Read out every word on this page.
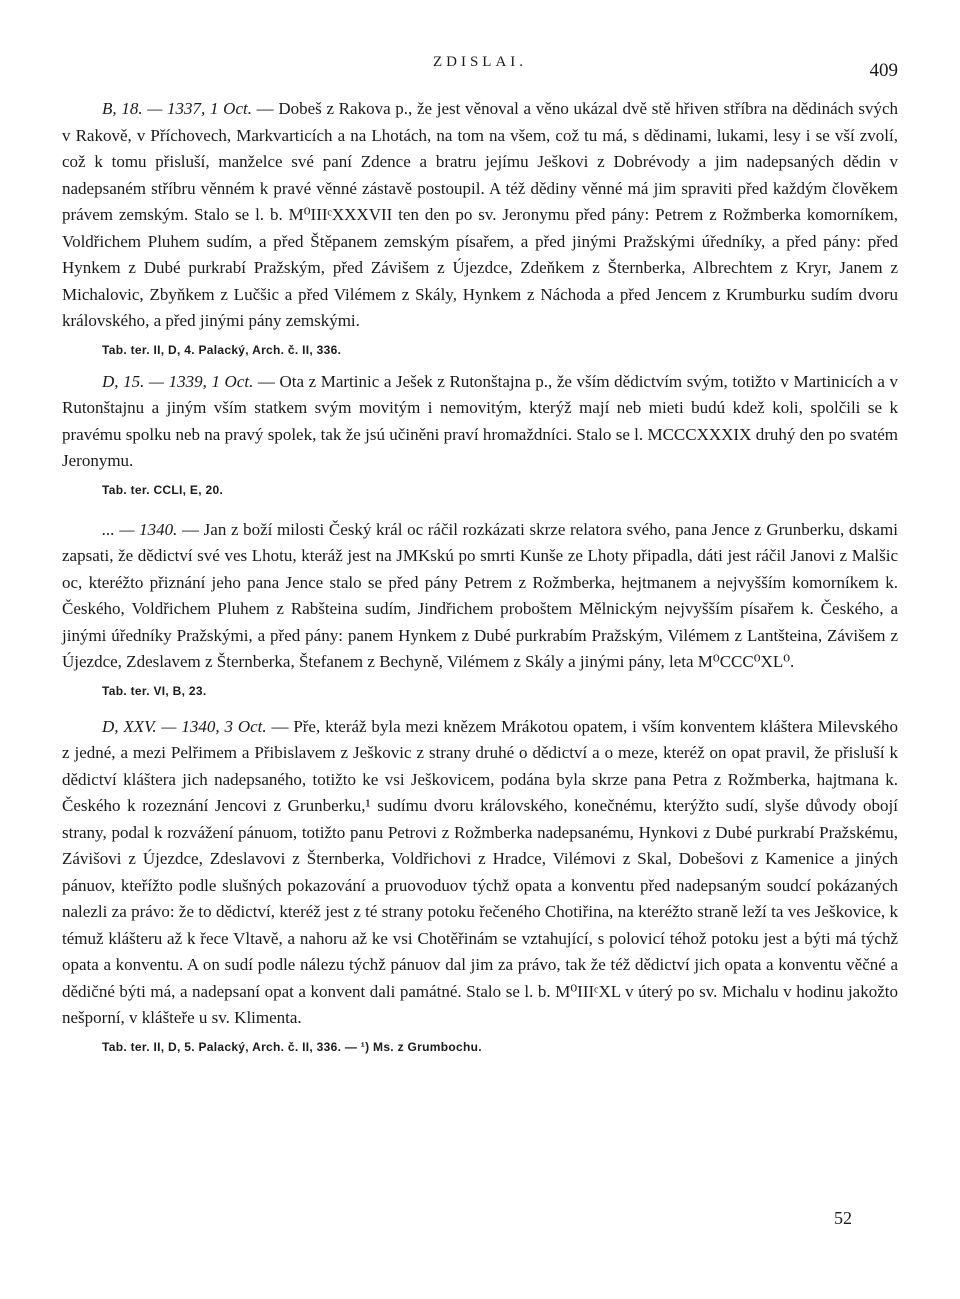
ZDISLAI.	409

B, 18. — 1337, 1 Oct. — Dobeš z Rakova p., že jest věnoval a věno ukázal dvě stě hřiven stříbra na dědinách svých v Rakově, v Příchovech, Markvarticích a na Lhotách, na tom na všem, což tu má, s dědinami, lukami, lesy i se vší zvolí, což k tomu přisluší, manželce své paní Zdence a bratru jejímu Ješkovi z Dobrévody a jim nadepsaných dědin v nadepsaném stříbru věnném k pravé věnné zástavě postoupil. A též dědiny věnné má jim spraviti před každým člověkem právem zemským. Stalo se l. b. M⁰IIIᶜXXXVII ten den po sv. Jeronymu před pány: Petrem z Rožmberka komorníkem, Voldřichem Pluhem sudím, a před Štěpanem zemským písařem, a před jinými Pražskými úředníky, a před pány: před Hynkem z Dubé purkrabí Pražským, před Závišem z Újezdce, Zdeňkem z Šternberka, Albrechtem z Kryr, Janem z Michalovic, Zbyňkem z Lučšic a před Vilémem z Skály, Hynkem z Náchoda a před Jencem z Krumburku sudím dvoru královského, a před jinými pány zemskými.

Tab. ter. II, D, 4. Palacký, Arch. č. II, 336.

D, 15. — 1339, 1 Oct. — Ota z Martinic a Ješek z Rutonštajna p., že vším dědictvím svým, totižto v Martinicích a v Rutonštajnu a jiným vším statkem svým movitým i nemovitým, kterýž mají neb mieti budú kdež koli, spolčili se k pravému spolku neb na pravý spolek, tak že jsú učiněni praví hromaždníci. Stalo se l. MCCCXXXIX druhý den po svatém Jeronymu.

Tab. ter. CCLI, E, 20.

... — 1340. — Jan z boží milosti Český král oc ráčil rozkázati skrze relatora svého, pana Jence z Grunberku, dskami zapsati, že dědictví své ves Lhotu, kteráž jest na JMKskú po smrti Kunše ze Lhoty připadla, dáti jest ráčil Janovi z Malšic oc, kteréžto přiznání jeho pana Jence stalo se před pány Petrem z Rožmberka, hejtmanem a nejvyšším komorníkem k. Českého, Voldřichem Pluhem z Rabšteina sudím, Jindřichem proboštem Mělnickým nejvyšším písařem k. Českého, a jinými úředníky Pražskými, a před pány: panem Hynkem z Dubé purkrabím Pražským, Vilémem z Lantšteina, Závišem z Újezdce, Zdeslavem z Šternberka, Štefanem z Bechyně, Vilémem z Skály a jinými pány, leta M⁰CCC⁰XL⁰.

Tab. ter. VI, B, 23.

D, XXV. — 1340, 3 Oct. — Pře, kteráž byla mezi knězem Mrákotou opatem, i vším konventem kláštera Milevského z jedné, a mezi Pelřimem a Přibislavem z Ješkovic z strany druhé o dědictví a o meze, kteréž on opat pravil, že přisluší k dědictví kláštera jich nadepsaného, totižto ke vsi Ješkovicem, podána byla skrze pana Petra z Rožmberka, hajtmana k. Českého k rozeznání Jencovi z Grunberku,¹ sudímu dvoru královského, konečnému, kterýžto sudí, slyše důvody obojí strany, podal k rozvážení pánuom, totižto panu Petrovi z Rožmberka nadepsanému, Hynkovi z Dubé purkrabí Pražskému, Závišovi z Újezdce, Zdeslavovi z Šternberka, Voldřichovi z Hradce, Vilémovi z Skal, Dobešovi z Kamenice a jiných pánuov, kteřížto podle slušných pokazování a pruovoduov týchž opata a konventu před nadepsaným soudcí pokázaných nalezli za právo: že to dědictví, kteréž jest z té strany potoku řečeného Chotiřina, na kteréžto straně leží ta ves Ješkovice, k témuž klášteru až k řece Vltavě, a nahoru až ke vsi Chotěřinám se vztahující, s polovicí téhož potoku jest a býti má týchž opata a konventu. A on sudí podle nálezu týchž pánuov dal jim za právo, tak že též dědictví jich opata a konventu věčné a dědičné býti má, a nadepsaní opat a konvent dali památné. Stalo se l. b. M⁰IIIᶜXL v úterý po sv. Michalu v hodinu jakožto nešporní, v klášteře u sv. Klimenta.

Tab. ter. II, D, 5. Palacký, Arch. č. II, 336. — ¹) Ms. z Grumbochu.
52
